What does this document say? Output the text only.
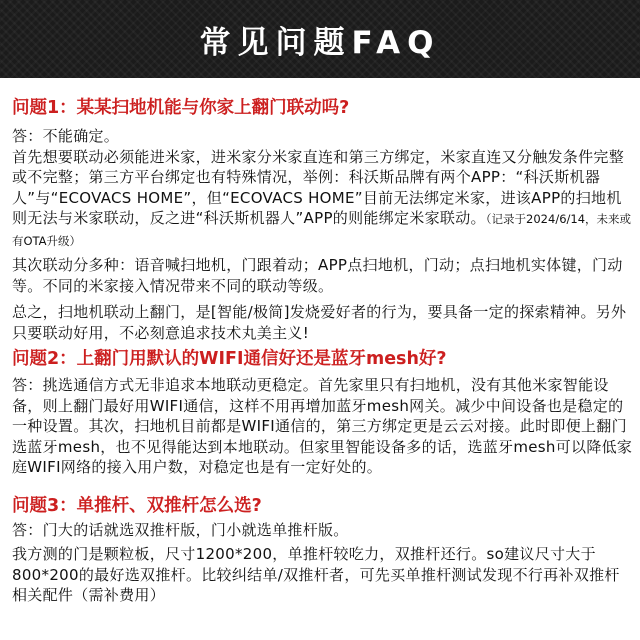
常见问题FAQ
问题1：某某扫地机能与你家上翻门联动吗?
答：不能确定。
首先想要联动必须能进米家，进米家分米家直连和第三方绑定，米家直连又分触发条件完整或不完整；第三方平台绑定也有特殊情况，举例：科沃斯品牌有两个APP：“科沃斯机器人”与“ECOVACS HOME”，但“ECOVACS HOME”目前无法绑定米家，进该APP的扫地机则无法与米家联动，反之进“科沃斯机器人”APP的则能绑定米家联动。（记录于2024/6/14，未来或有OTA升级）
其次联动分多种：语音喊扫地机，门跟着动；APP点扫地机，门动；点扫地机实体键，门动等。不同的米家接入情况带来不同的联动等级。
总之，扫地机联动上翻门，是[智能/极简]发烧爱好者的行为，要具备一定的探索精神。另外只要联动好用，不必刻意追求技术丸美主义!
问题2：上翻门用默认的WIFI通信好还是蓝牙mesh好?
答：挑选通信方式无非追求本地联动更稳定。首先家里只有扫地机，没有其他米家智能设备，则上翻门最好用WIFI通信，这样不用再增加蓝牙mesh网关。减少中间设备也是稳定的一种设置。其次，扫地机目前都是WIFI通信的，第三方绑定更是云云对接。此时即便上翻门选蓝牙mesh，也不见得能达到本地联动。但家里智能设备多的话，选蓝牙mesh可以降低家庭WIFI网络的接入用户数，对稳定也是有一定好处的。
问题3：单推杆、双推杆怎么选?
答：门大的话就选双推杆版，门小就选单推杆版。
我方测的门是颗粒板，尺寸1200*200，单推杆较吃力，双推杆还行。so建议尺寸大于800*200的最好选双推杆。比较纠结单/双推杆者，可先买单推杆测试发现不行再补双推杆相关配件（需补费用）
